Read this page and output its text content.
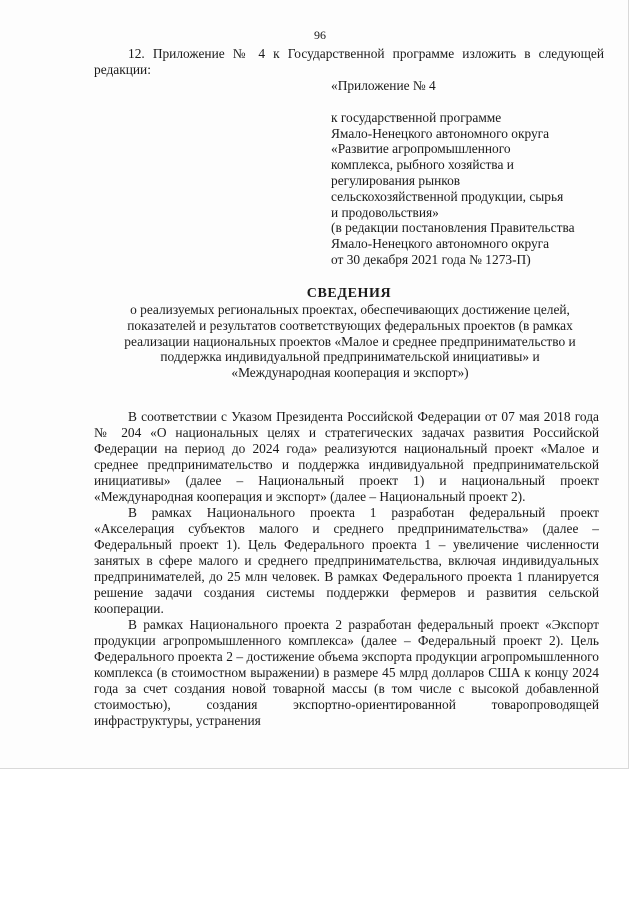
96
12. Приложение № 4 к Государственной программе изложить в следующей редакции:
«Приложение № 4
к государственной программе
Ямало-Ненецкого автономного округа
«Развитие агропромышленного
комплекса, рыбного хозяйства и
регулирования рынков
сельскохозяйственной продукции, сырья
и продовольствия»
(в редакции постановления Правительства
Ямало-Ненецкого автономного округа
от 30 декабря 2021 года № 1273-П)
СВЕДЕНИЯ
о реализуемых региональных проектах, обеспечивающих достижение целей,
показателей и результатов соответствующих федеральных проектов (в рамках
реализации национальных проектов «Малое и среднее предпринимательство и
поддержка индивидуальной предпринимательской инициативы» и
«Международная кооперация и экспорт»)

В соответствии с Указом Президента Российской Федерации от 07 мая 2018 года № 204 «О национальных целях и стратегических задачах развития Российской Федерации на период до 2024 года» реализуются национальный проект «Малое и среднее предпринимательство и поддержка индивидуальной предпринимательской инициативы» (далее – Национальный проект 1) и национальный проект «Международная кооперация и экспорт» (далее – Национальный проект 2).

В рамках Национального проекта 1 разработан федеральный проект «Акселерация субъектов малого и среднего предпринимательства» (далее – Федеральный проект 1). Цель Федерального проекта 1 – увеличение численности занятых в сфере малого и среднего предпринимательства, включая индивидуальных предпринимателей, до 25 млн человек. В рамках Федерального проекта 1 планируется решение задачи создания системы поддержки фермеров и развития сельской кооперации.

В рамках Национального проекта 2 разработан федеральный проект «Экспорт продукции агропромышленного комплекса» (далее – Федеральный проект 2). Цель Федерального проекта 2 – достижение объема экспорта продукции агропромышленного комплекса (в стоимостном выражении) в размере 45 млрд долларов США к концу 2024 года за счет создания новой товарной массы (в том числе с высокой добавленной стоимостью), создания экспортно-ориентированной товаропроводящей инфраструктуры, устранения
